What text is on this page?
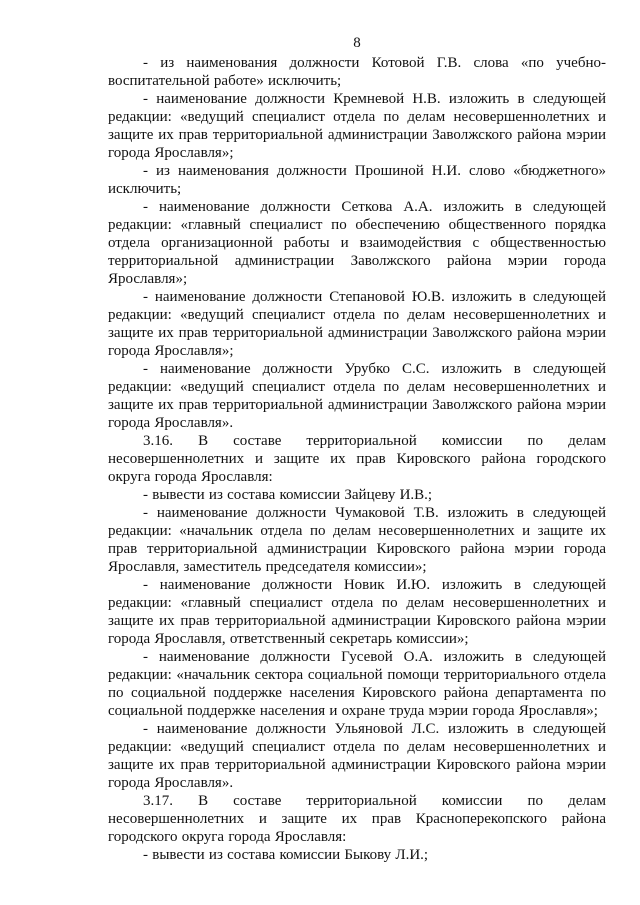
8

- из наименования должности Котовой Г.В. слова «по учебно-воспитательной работе» исключить;

- наименование должности Кремневой Н.В. изложить в следующей редакции: «ведущий специалист отдела по делам несовершеннолетних и защите их прав территориальной администрации Заволжского района мэрии города Ярославля»;

- из наименования должности Прошиной Н.И. слово «бюджетного» исключить;

- наименование должности Сеткова А.А. изложить в следующей редакции: «главный специалист по обеспечению общественного порядка отдела организационной работы и взаимодействия с общественностью территориальной администрации Заволжского района мэрии города Ярославля»;

- наименование должности Степановой Ю.В. изложить в следующей редакции: «ведущий специалист отдела по делам несовершеннолетних и защите их прав территориальной администрации Заволжского района мэрии города Ярославля»;

- наименование должности Урубко С.С. изложить в следующей редакции: «ведущий специалист отдела по делам несовершеннолетних и защите их прав территориальной администрации Заволжского района мэрии города Ярославля».

3.16. В составе территориальной комиссии по делам несовершеннолетних и защите их прав Кировского района городского округа города Ярославля:

- вывести из состава комиссии Зайцеву И.В.;

- наименование должности Чумаковой Т.В. изложить в следующей редакции: «начальник отдела по делам несовершеннолетних и защите их прав территориальной администрации Кировского района мэрии города Ярославля, заместитель председателя комиссии»;

- наименование должности Новик И.Ю. изложить в следующей редакции: «главный специалист отдела по делам несовершеннолетних и защите их прав территориальной администрации Кировского района мэрии города Ярославля, ответственный секретарь комиссии»;

- наименование должности Гусевой О.А. изложить в следующей редакции: «начальник сектора социальной помощи территориального отдела по социальной поддержке населения Кировского района департамента по социальной поддержке населения и охране труда мэрии города Ярославля»;

- наименование должности Ульяновой Л.С. изложить в следующей редакции: «ведущий специалист отдела по делам несовершеннолетних и защите их прав территориальной администрации Кировского района мэрии города Ярославля».

3.17. В составе территориальной комиссии по делам несовершеннолетних и защите их прав Красноперекопского района городского округа города Ярославля:

- вывести из состава комиссии Быкову Л.И.;
